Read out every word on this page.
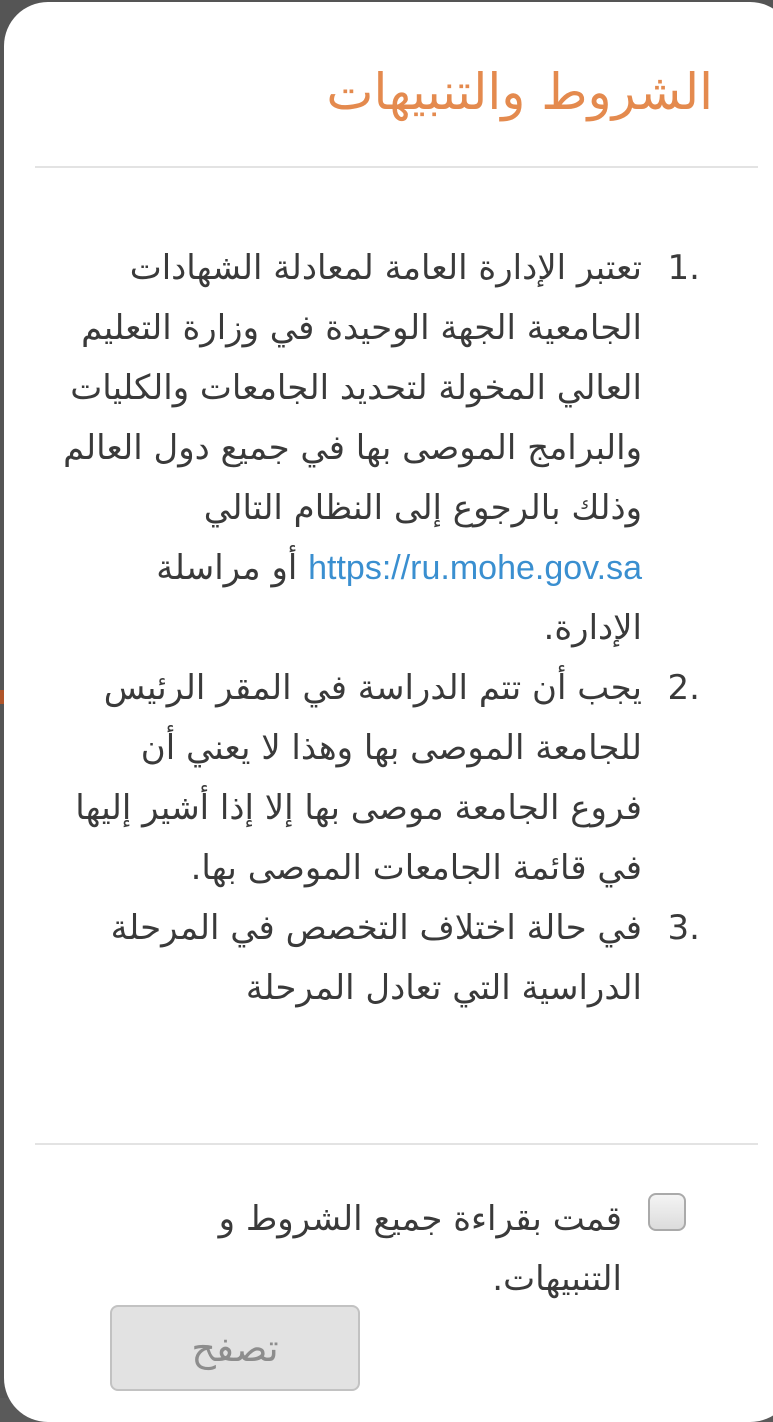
الشروط والتنبيهات
1.
تعتبر الإدارة العامة لمعادلة الشهادات الجامعية الجهة الوحيدة في وزارة التعليم العالي المخولة لتحديد الجامعات والكليات والبرامج الموصى بها في جميع دول العالم وذلك بالرجوع إلى النظام التالي https://ru.mohe.gov.sa أو مراسلة الإدارة.
2.
يجب أن تتم الدراسة في المقر الرئيس للجامعة الموصى بها وهذا لا يعني أن فروع الجامعة موصى بها إلا إذا أشير إليها في قائمة الجامعات الموصى بها.
3.
في حالة اختلاف التخصص في المرحلة الدراسية التي تعادل المرحلة
قمت بقراءة جميع الشروط و التنبيهات.
تصفح
